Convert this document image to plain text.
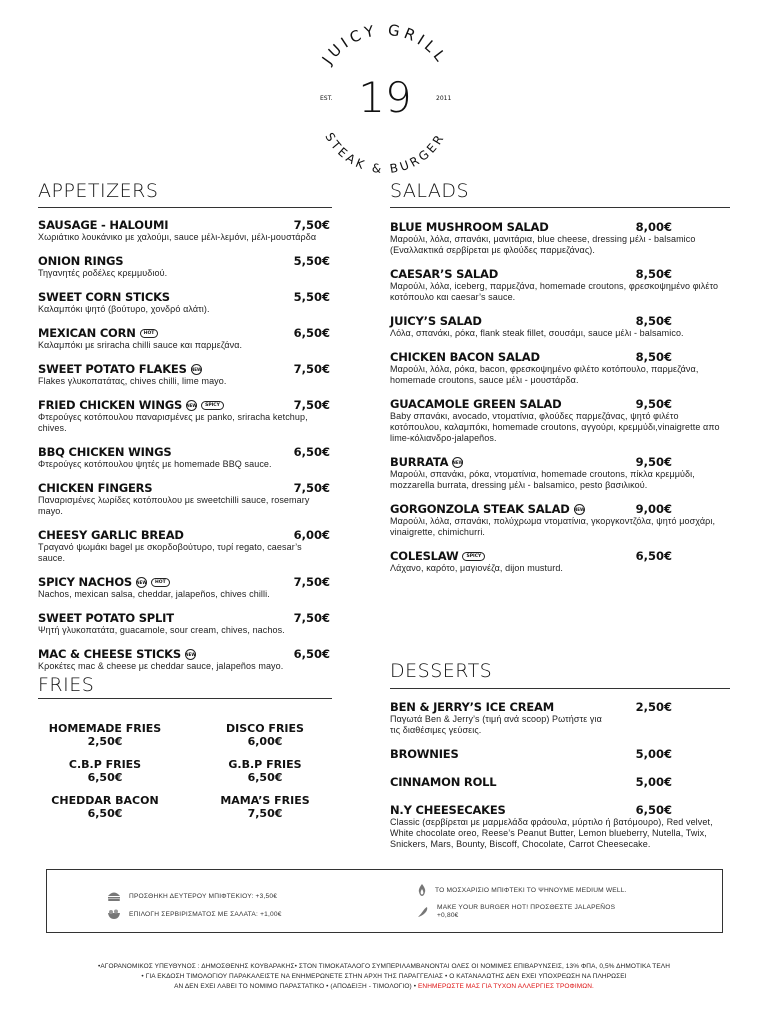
JUICY GRILL
STEAK & BURGER
19
EST.	2011
APPETIZERS
SAUSAGE - HALOUMI	7,50€
Χωριάτικο λουκάνικο με χαλούμι, sauce μέλι-λεμόνι, μέλι-μουστάρδα
ONION RINGS	5,50€
Τηγανητές ροδέλες κρεμμυδιού.
SWEET CORN STICKS	5,50€
Καλαμπόκι ψητό (βούτυρο, χονδρό αλάτι).
MEXICAN CORN	HOT	6,50€
Καλαμπόκι με sriracha chilli sauce και παρμεζάνα.
SWEET POTATO FLAKES NEW	7,50€
Flakes γλυκοπατάτας, chives chilli, lime mayo.
FRIED CHICKEN WINGS NEW	SPICY	7,50€
Φτερούγες κοτόπουλου παναρισμένες με panko, sriracha ketchup, chives.
BBQ CHICKEN WINGS	6,50€
Φτερούγες κοτόπουλου ψητές με homemade BBQ sauce.
CHICKEN FINGERS	7,50€
Παναρισμένες λωρίδες κοτόπουλου με sweetchilli sauce, rosemary mayo.
CHEESY GARLIC BREAD	6,00€
Τραγανό ψωμάκι bagel με σκορδοβούτυρο, τυρί regato, caesar’s sauce.
SPICY NACHOS NEW	HOT	7,50€
Nachos, mexican salsa, cheddar, jalapeños, chives chilli.
SWEET POTATO SPLIT	7,50€
Ψητή γλυκοπατάτα, guacamole, sour cream, chives, nachos.
MAC & CHEESE STICKS NEW	6,50€
Κροκέτες mac & cheese με cheddar sauce, jalapeños mayo.
FRIES
HOMEMADE FRIES
2,50€
DISCO FRIES
6,00€
C.B.P FRIES
6,50€
G.B.P FRIES
6,50€
CHEDDAR BACON
6,50€
MAMA’S FRIES
7,50€
SALADS
BLUE MUSHROOM SALAD	8,00€
Μαρούλι, λόλα, σπανάκι, μανιτάρια, blue cheese, dressing μέλι - balsamico (Εναλλακτικά σερβίρεται με φλούδες παρμεζάνας).
CAESAR’S SALAD	8,50€
Μαρούλι, λόλα, iceberg, παρμεζάνα, homemade croutons, φρεσκοψημένο φιλέτο κοτόπουλο και caesar’s sauce.
JUICY’S SALAD	8,50€
Λόλα, σπανάκι, ρόκα, flank steak fillet, σουσάμι, sauce μέλι - balsamico.
CHICKEN BACON SALAD	8,50€
Μαρούλι, λόλα, ρόκα, bacon, φρεσκοψημένο φιλέτο κοτόπουλο, παρμεζάνα, homemade croutons, sauce μέλι - μουστάρδα.
GUACAMOLE GREEN SALAD	9,50€
Baby σπανάκι, avocado, ντοματίνια, φλούδες παρμεζάνας, ψητό φιλέτο κοτόπουλου, καλαμπόκι, homemade croutons, αγγούρι, κρεμμύδι,vinaigrette απο lime-κόλιανδρο-jalapeños.
BURRATA NEW	9,50€
Μαρούλι, σπανάκι, ρόκα, ντοματίνια, homemade croutons, πίκλα κρεμμύδι, mozzarella burrata, dressing μέλι - balsamico, pesto βασιλικού.
GORGONZOLA STEAK SALAD NEW	9,00€
Μαρούλι, λόλα, σπανάκι, πολύχρωμα ντοματίνια, γκοργκοντζόλα, ψητό μοσχάρι, vinaigrette, chimichurri.
COLESLAW	SPICY	6,50€
Λάχανο, καρότο, μαγιονέζα, dijon musturd.
DESSERTS
BEN & JERRY’S ICE CREAM	2,50€
Παγωτά Ben & Jerry’s (τιμή ανά scoop) Ρωτήστε για τις διαθέσιμες γεύσεις.
BROWNIES	5,00€
CINNAMON ROLL	5,00€
N.Y CHEESECAKES	6,50€
Classic (σερβίρεται με μαρμελάδα φράουλα, μύρτιλο ή βατόμουρο), Red velvet, White chocolate oreo, Reese’s Peanut Butter, Lemon blueberry, Nutella, Twix, Snickers, Mars, Bounty, Biscoff, Chocolate, Carrot Cheesecake.
ΠΡΟΣΘΗΚΗ ΔΕΥΤΕΡΟΥ ΜΠΙΦΤΕΚΙΟΥ: +3,50€
ΕΠΙΛΟΓΗ ΣΕΡΒΙΡΙΣΜΑΤΟΣ ΜΕ ΣΑΛΑΤΑ: +1,00€
ΤΟ ΜΟΣΧΑΡΙΣΙΟ ΜΠΙΦΤΕΚΙ ΤΟ ΨΗΝΟΥΜΕ MEDIUM WELL.
MAKE YOUR BURGER HOT! ΠΡΟΣΘΕΣΤΕ JALAPEÑOS +0,80€
•ΑΓΟΡΑΝΟΜΙΚΟΣ ΥΠΕΥΘΥΝΟΣ : ΔΗΜΟΣΘΕΝΗΣ ΚΟΥΒΑΡΑΚΗΣ• ΣΤΟΝ ΤΙΜΟΚΑΤΑΛΟΓΟ ΣΥΜΠΕΡΙΛΑΜΒΑΝΟΝΤΑΙ ΟΛΕΣ ΟΙ ΝΟΜΙΜΕΣ ΕΠΙΒΑΡΥΝΣΕΙΣ, 13% ΦΠΑ, 0,5% ΔΗΜΟΤΙΚΑ ΤΕΛΗ
• ΓΙΑ ΕΚΔΟΣΗ ΤΙΜΟΛΟΓΙΟΥ ΠΑΡΑΚΑΛΕΙΣΤΕ ΝΑ ΕΝΗΜΕΡΩΝΕΤΕ ΣΤΗΝ ΑΡΧΗ ΤΗΣ ΠΑΡΑΓΓΕΛΙΑΣ • Ο ΚΑΤΑΝΑΛΩΤΗΣ ΔΕΝ ΕΧΕΙ ΥΠΟΧΡΕΩΣΗ ΝΑ ΠΛΗΡΩΣΕΙ
ΑΝ ΔΕΝ ΕΧΕΙ ΛΑΒΕΙ ΤΟ ΝΟΜΙΜΟ ΠΑΡΑΣΤΑΤΙΚΟ • (ΑΠΟΔΕΙΞΗ - ΤΙΜΟΛΟΓΙΟ) • ΕΝΗΜΕΡΩΣΤΕ ΜΑΣ ΓΙΑ ΤΥΧΟΝ ΑΛΛΕΡΓΙΕΣ ΤΡΟΦΙΜΩΝ.
